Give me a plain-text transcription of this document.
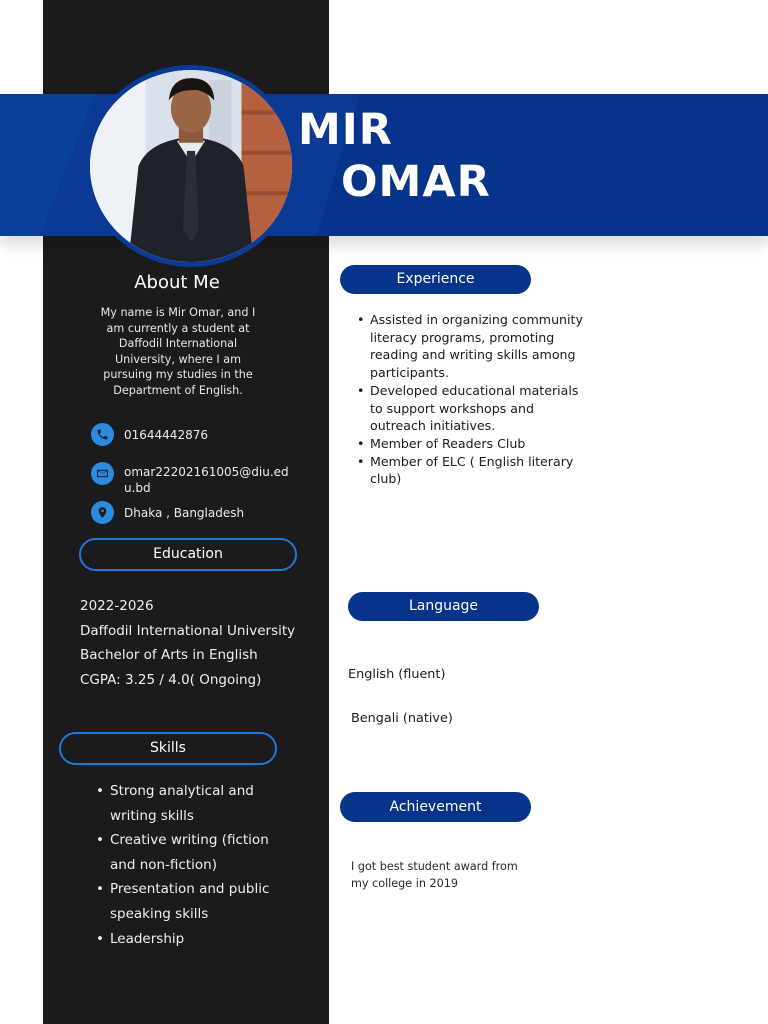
MIR
OMAR
About Me
My name is Mir Omar, and I am currently a student at Daffodil International University, where I am pursuing my studies in the Department of English.
01644442876
omar22202161005@diu.edu.bd
Dhaka , Bangladesh
Education
2022-2026
Daffodil International University
Bachelor of Arts in English
CGPA: 3.25 / 4.0( Ongoing)
Skills
• Strong analytical and writing skills
• Creative writing (fiction and non-fiction)
• Presentation and public speaking skills
• Leadership
Experience
• Assisted in organizing community literacy programs, promoting reading and writing skills among participants.
• Developed educational materials to support workshops and outreach initiatives.
• Member of Readers Club
• Member of ELC ( English literary club)
Language
English (fluent)
Bengali (native)
Achievement
I got best student award from my college in 2019
